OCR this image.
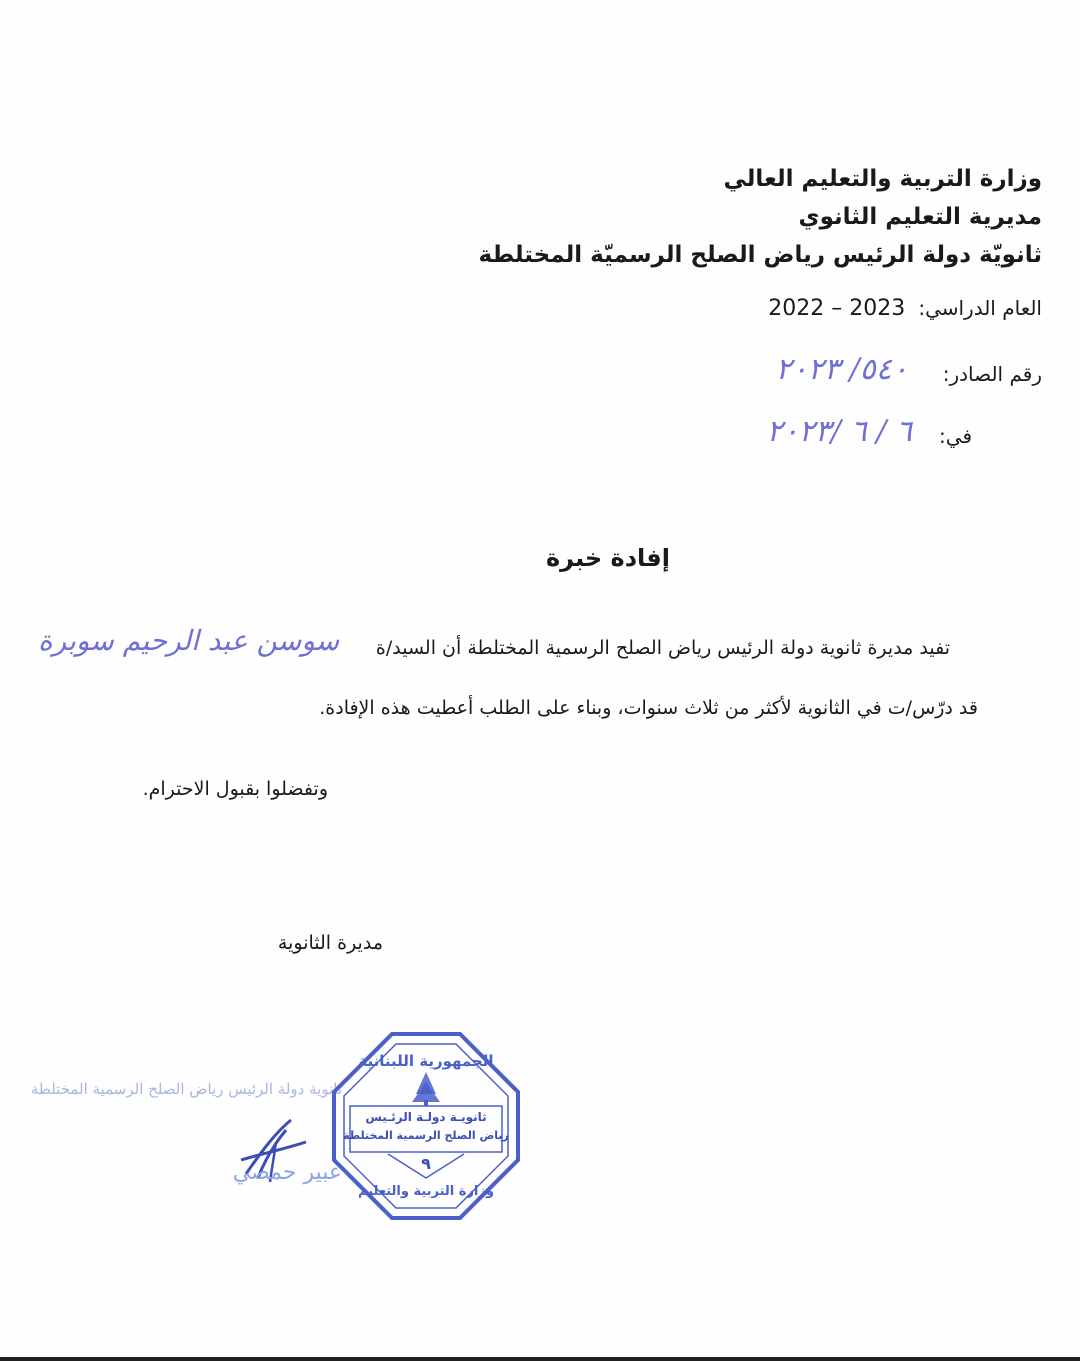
وزارة التربية والتعليم العالي
مديرية التعليم الثانوي
ثانويّة دولة الرئيس رياض الصلح الرسميّة المختلطة
العام الدراسي: 2022 – 2023
رقم الصادر:
٥٤٠/ ٢٠٢٣
في:
٦ / ٦ /٢٠٢٣
إفادة خبرة
تفيد مديرة ثانوية دولة الرئيس رياض الصلح الرسمية المختلطة أن السيد/ة
سوسن عبد الرحيم سوبرة
قد درّس/ت في الثانوية لأكثر من ثلاث سنوات، وبناء على الطلب أعطيت هذه الإفادة.
وتفضلوا بقبول الاحترام.
مديرة الثانوية
ثانوية دولة الرئيس رياض الصلح الرسمية المختلطة
عبير حمصي
الجمهورية اللبنانية
ثانويـة دولـة الرئـيس
رياض الصلح الرسمية المختلطة
٩
وزارة التربية والتعليم
